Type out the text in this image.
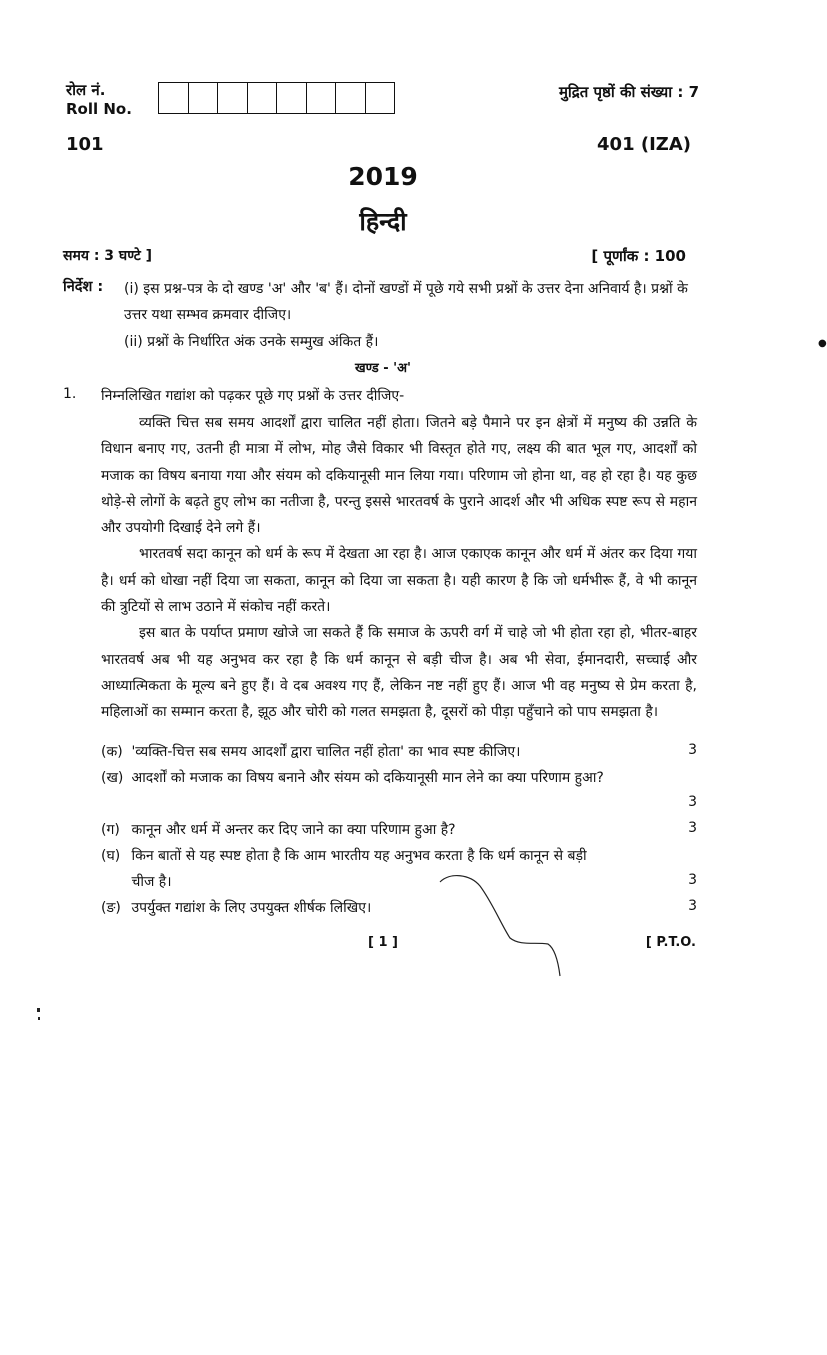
रोल नं.
Roll No.
मुद्रित पृष्ठों की संख्या : 7
101	401 (IZA)
2019
हिन्दी
समय : 3 घण्टे ]	[ पूर्णांक : 100
निर्देश : (i) इस प्रश्न-पत्र के दो खण्ड 'अ' और 'ब' हैं। दोनों खण्डों में पूछे गये सभी प्रश्नों के उत्तर देना अनिवार्य है। प्रश्नों के उत्तर यथा सम्भव क्रमवार दीजिए।
(ii) प्रश्नों के निर्धारित अंक उनके सम्मुख अंकित हैं।
खण्ड - 'अ'
1. निम्नलिखित गद्यांश को पढ़कर पूछे गए प्रश्नों के उत्तर दीजिए-

व्यक्ति चित्त सब समय आदर्शों द्वारा चालित नहीं होता। जितने बड़े पैमाने पर इन क्षेत्रों में मनुष्य की उन्नति के विधान बनाए गए, उतनी ही मात्रा में लोभ, मोह जैसे विकार भी विस्तृत होते गए, लक्ष्य की बात भूल गए, आदर्शों को मजाक का विषय बनाया गया और संयम को दकियानूसी मान लिया गया। परिणाम जो होना था, वह हो रहा है। यह कुछ थोड़े-से लोगों के बढ़ते हुए लोभ का नतीजा है, परन्तु इससे भारतवर्ष के पुराने आदर्श और भी अधिक स्पष्ट रूप से महान और उपयोगी दिखाई देने लगे हैं।

भारतवर्ष सदा कानून को धर्म के रूप में देखता आ रहा है। आज एकाएक कानून और धर्म में अंतर कर दिया गया है। धर्म को धोखा नहीं दिया जा सकता, कानून को दिया जा सकता है। यही कारण है कि जो धर्मभीरू हैं, वे भी कानून की त्रुटियों से लाभ उठाने में संकोच नहीं करते।

इस बात के पर्याप्त प्रमाण खोजे जा सकते हैं कि समाज के ऊपरी वर्ग में चाहे जो भी होता रहा हो, भीतर-बाहर भारतवर्ष अब भी यह अनुभव कर रहा है कि धर्म कानून से बड़ी चीज है। अब भी सेवा, ईमानदारी, सच्चाई और आध्यात्मिकता के मूल्य बने हुए हैं। वे दब अवश्य गए हैं, लेकिन नष्ट नहीं हुए हैं। आज भी वह मनुष्य से प्रेम करता है, महिलाओं का सम्मान करता है, झूठ और चोरी को गलत समझता है, दूसरों को पीड़ा पहुँचाने को पाप समझता है।

(क) 'व्यक्ति-चित्त सब समय आदर्शों द्वारा चालित नहीं होता' का भाव स्पष्ट कीजिए।	3
(ख) आदर्शों को मजाक का विषय बनाने और संयम को दकियानूसी मान लेने का क्या परिणाम हुआ?
3
(ग) कानून और धर्म में अन्तर कर दिए जाने का क्या परिणाम हुआ है?	3
(घ) किन बातों से यह स्पष्ट होता है कि आम भारतीय यह अनुभव करता है कि धर्म कानून से बड़ी
चीज है।	3
(ङ) उपर्युक्त गद्यांश के लिए उपयुक्त शीर्षक लिखिए।	3
[ 1 ]	[ P.T.O.
●
